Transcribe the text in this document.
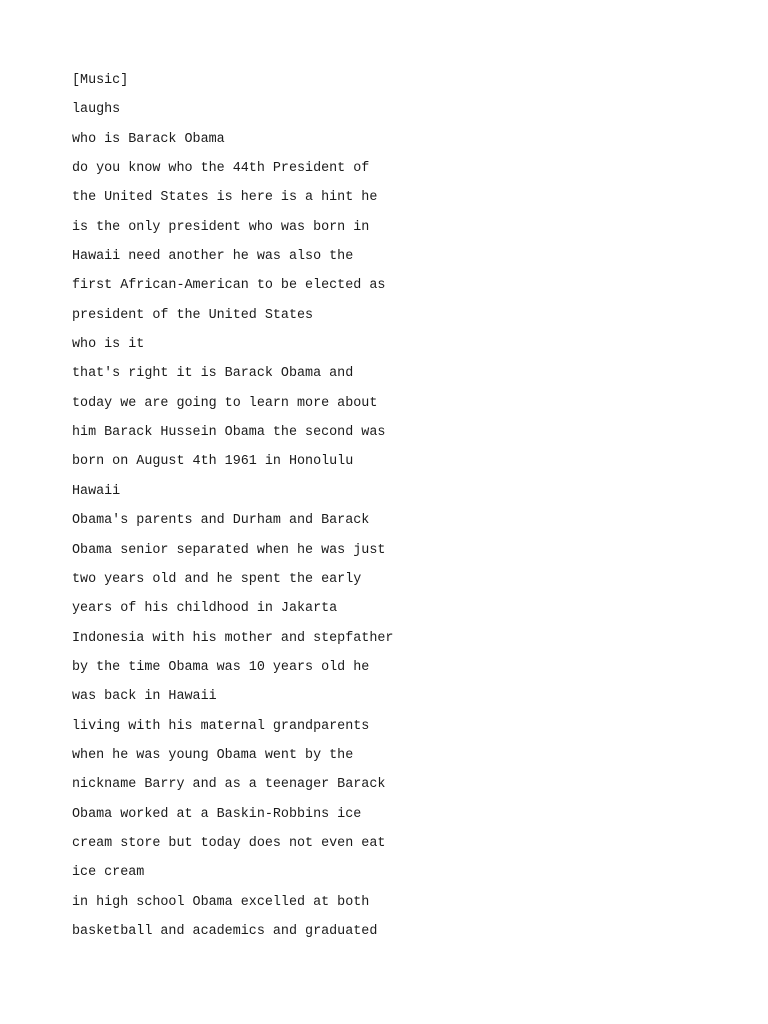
[Music]
laughs
who is Barack Obama
do you know who the 44th President of
the United States is here is a hint he
is the only president who was born in
Hawaii need another he was also the
first African-American to be elected as
president of the United States
who is it
that's right it is Barack Obama and
today we are going to learn more about
him Barack Hussein Obama the second was
born on August 4th 1961 in Honolulu
Hawaii
Obama's parents and Durham and Barack
Obama senior separated when he was just
two years old and he spent the early
years of his childhood in Jakarta
Indonesia with his mother and stepfather
by the time Obama was 10 years old he
was back in Hawaii
living with his maternal grandparents
when he was young Obama went by the
nickname Barry and as a teenager Barack
Obama worked at a Baskin-Robbins ice
cream store but today does not even eat
ice cream
in high school Obama excelled at both
basketball and academics and graduated
